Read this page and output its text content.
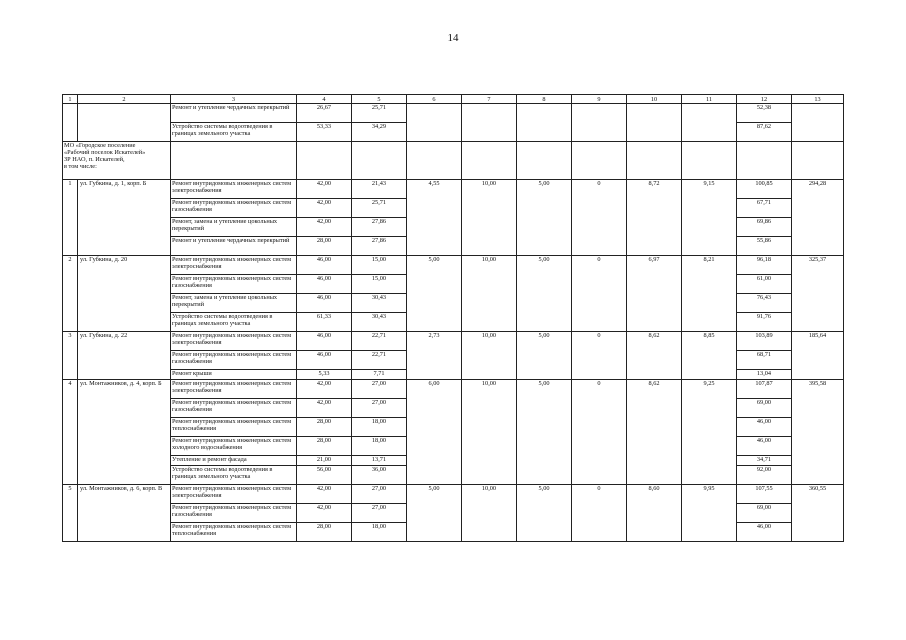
14
1	2	3	4	5	6	7	8	9	10	11	12	13
		Ремонт и утепление чердачных перекрытий	26,67	25,71							52,38	
		Устройство системы водоотведения в границах земельного участка	53,33	34,29							87,62	
МО «Городское поселение
«Рабочий поселок Искателей»
ЗР НАО, п. Искателей,
в том числе:												
1	ул. Губкина, д. 1, корп. Б	Ремонт внутридомовых инженерных систем электроснабжения	42,00	21,43	4,55	10,00	5,00	0	8,72	9,15	100,85	294,28
		Ремонт внутридомовых инженерных систем газоснабжения	42,00	25,71							67,71	
		Ремонт, замена и утепление цокольных перекрытий	42,00	27,86							69,86	
		Ремонт и утепление чердачных перекрытий	28,00	27,86							55,86	
2	ул. Губкина, д. 20	Ремонт внутридомовых инженерных систем электроснабжения	46,00	15,00	5,00	10,00	5,00	0	6,97	8,21	96,18	325,37
		Ремонт внутридомовых инженерных систем газоснабжения	46,00	15,00							61,00	
		Ремонт, замена и утепление цокольных перекрытий	46,00	30,43							76,43	
		Устройство системы водоотведения в границах земельного участка	61,33	30,43							91,76	
3	ул. Губкина, д. 22	Ремонт внутридомовых инженерных систем электроснабжения	46,00	22,71	2,73	10,00	5,00	0	8,62	8,85	103,89	185,64
		Ремонт внутридомовых инженерных систем газоснабжения	46,00	22,71							68,71	
		Ремонт крыши	5,33	7,71							13,04	
4	ул. Монтажников, д. 4, корп. Б	Ремонт внутридомовых инженерных систем электроснабжения	42,00	27,00	6,00	10,00	5,00	0	8,62	9,25	107,87	395,58
		Ремонт внутридомовых инженерных систем газоснабжения	42,00	27,00							69,00	
		Ремонт внутридомовых инженерных систем теплоснабжения	28,00	18,00							46,00	
		Ремонт внутридомовых инженерных систем холодного водоснабжения	28,00	18,00							46,00	
		Утепление и ремонт фасада	21,00	13,71							34,71	
		Устройство системы водоотведения в границах земельного участка	56,00	36,00							92,00	
5	ул. Монтажников, д. 6, корп. В	Ремонт внутридомовых инженерных систем электроснабжения	42,00	27,00	5,00	10,00	5,00	0	8,60	9,95	107,55	360,55
		Ремонт внутридомовых инженерных систем газоснабжения	42,00	27,00							69,00	
		Ремонт внутридомовых инженерных систем теплоснабжения	28,00	18,00							46,00	
